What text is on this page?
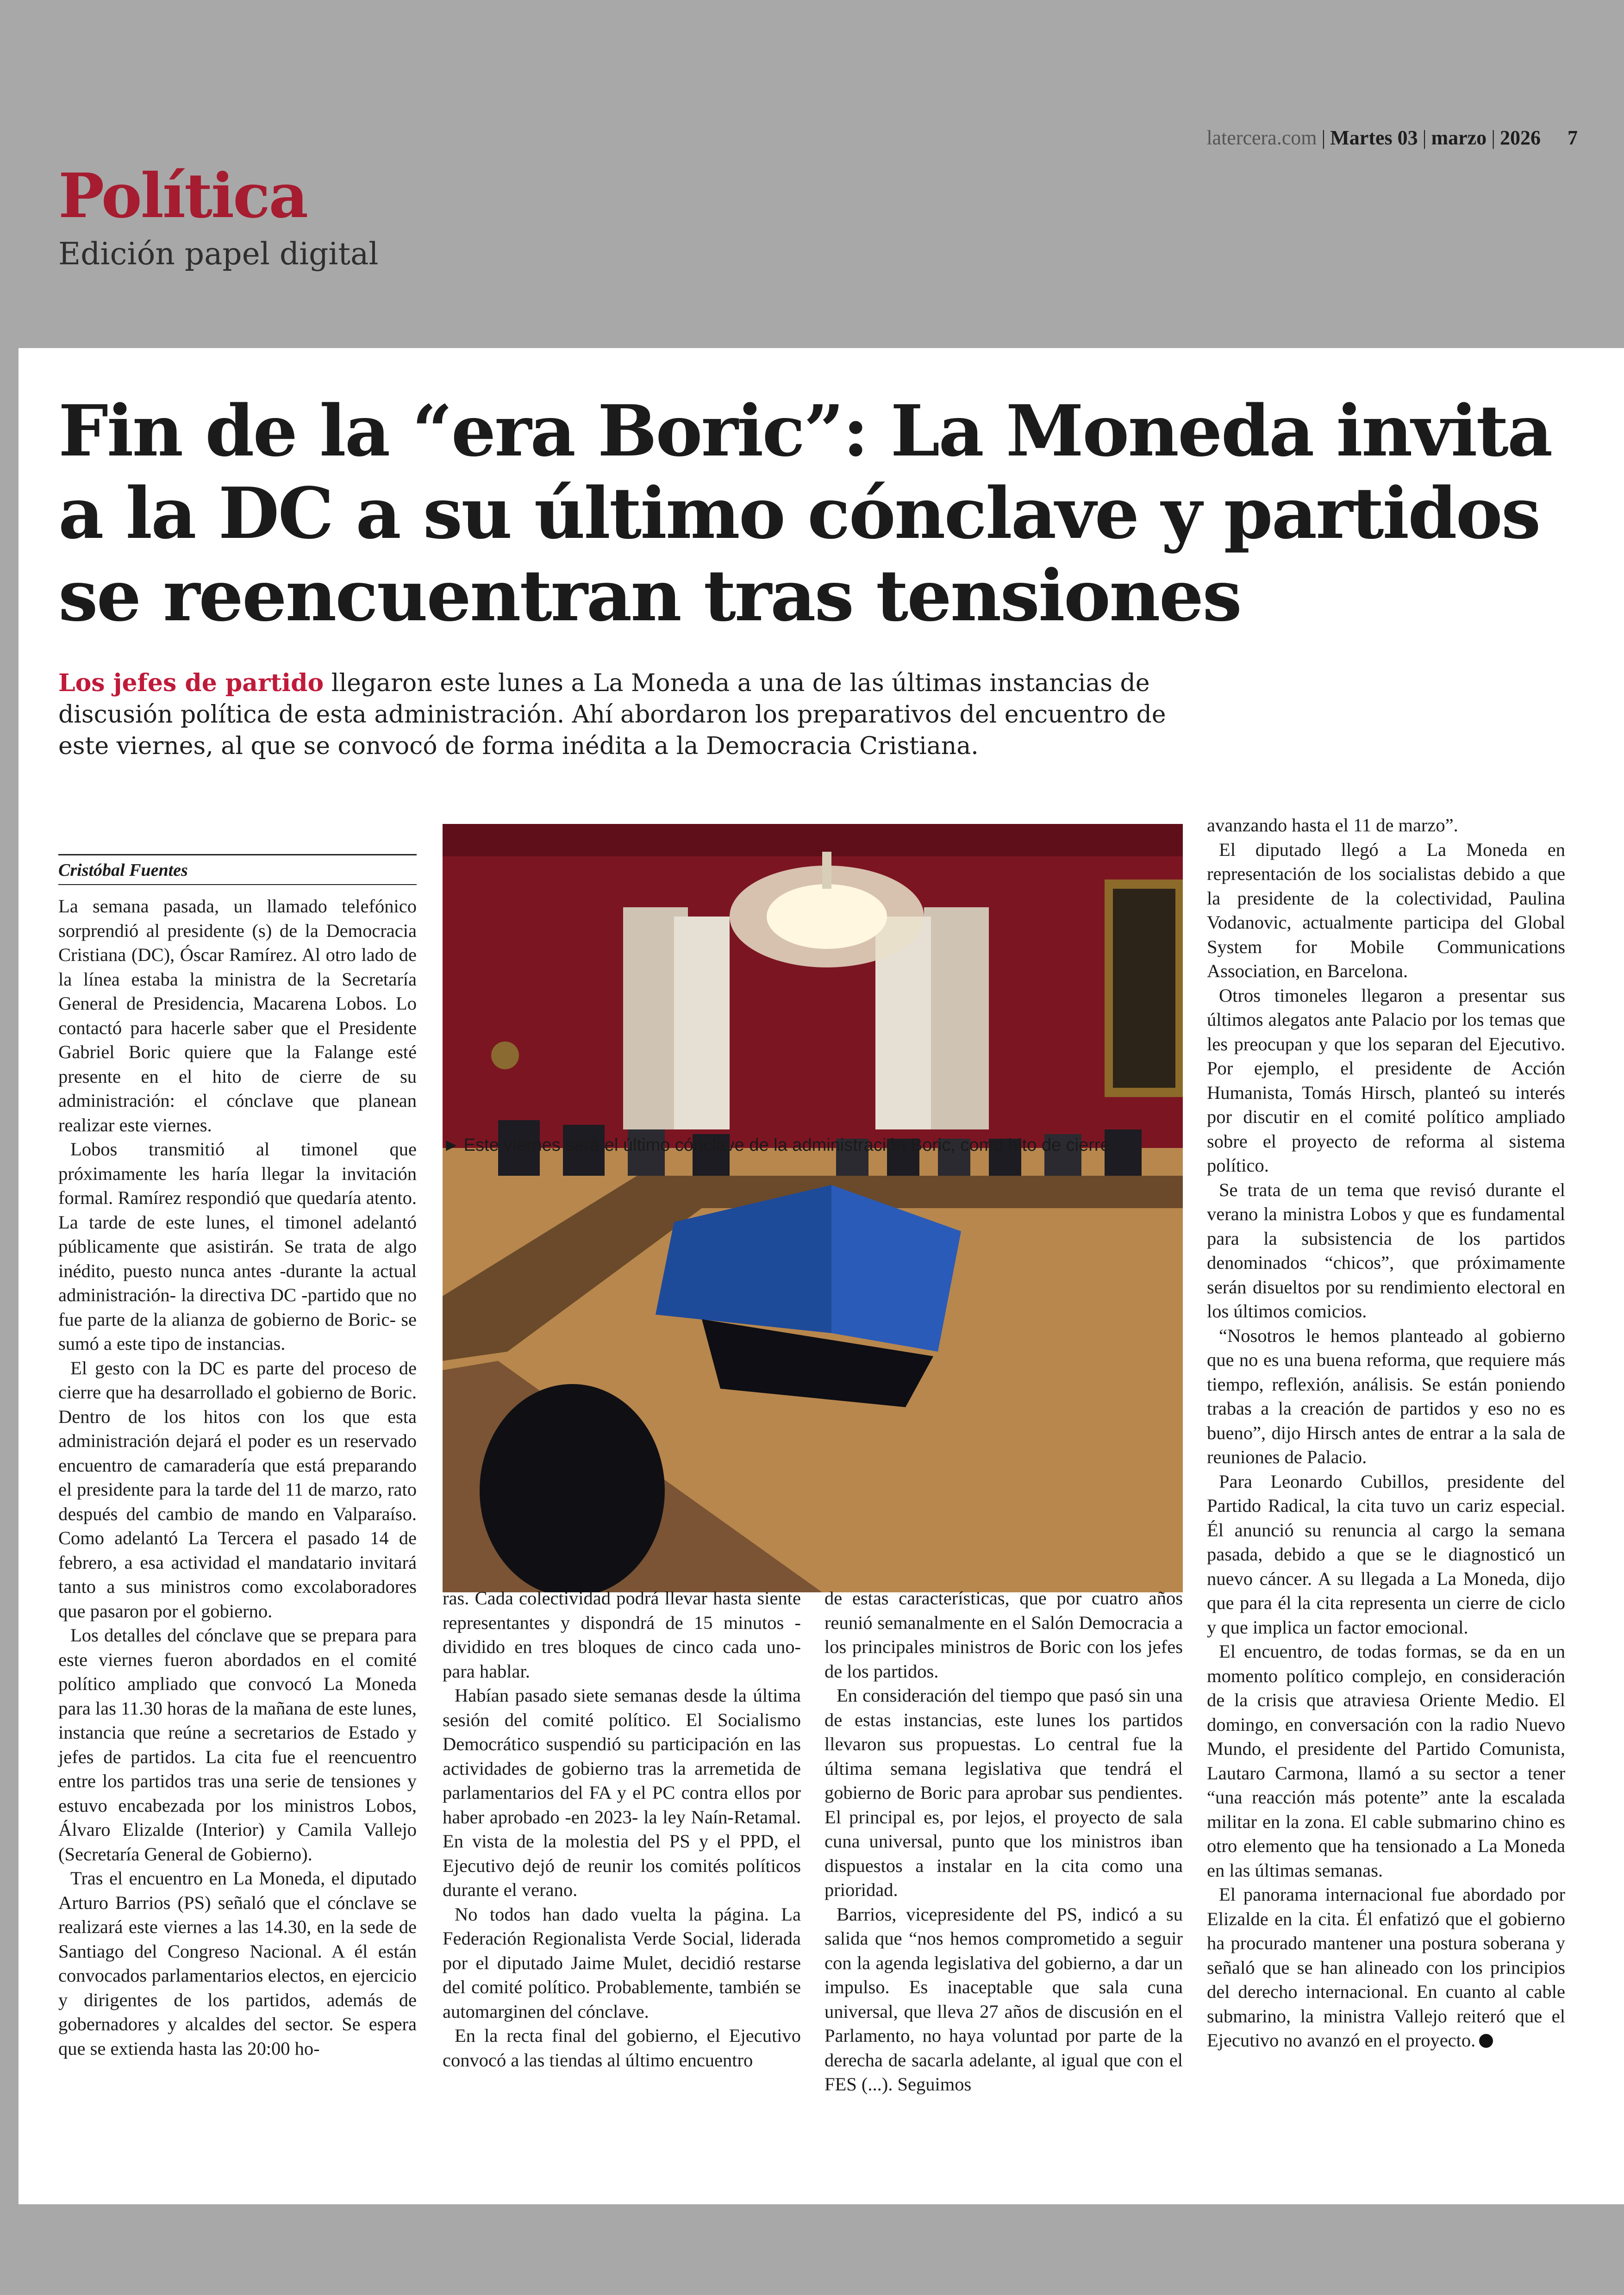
latercera.com | Martes 03 | marzo | 2026 7
Política
Edición papel digital
Fin de la “era Boric”: La Moneda invita a la DC a su último cónclave y partidos se reencuentran tras tensiones

Los jefes de partido llegaron este lunes a La Moneda a una de las últimas instancias de discusión política de esta administración. Ahí abordaron los preparativos del encuentro de este viernes, al que se convocó de forma inédita a la Democracia Cristiana.

Cristóbal Fuentes

La semana pasada, un llamado telefónico sorprendió al presidente (s) de la Democracia Cristiana (DC), Óscar Ramírez. Al otro lado de la línea estaba la ministra de la Secretaría General de Presidencia, Macarena Lobos. Lo contactó para hacerle saber que el Presidente Gabriel Boric quiere que la Falange esté presente en el hito de cierre de su administración: el cónclave que planean realizar este viernes.

Lobos transmitió al timonel que próximamente les haría llegar la invitación formal. Ramírez respondió que quedaría atento. La tarde de este lunes, el timonel adelantó públicamente que asistirán. Se trata de algo inédito, puesto nunca antes -durante la actual administración- la directiva DC -partido que no fue parte de la alianza de gobierno de Boric- se sumó a este tipo de instancias.

El gesto con la DC es parte del proceso de cierre que ha desarrollado el gobierno de Boric. Dentro de los hitos con los que esta administración dejará el poder es un reservado encuentro de camaradería que está preparando el presidente para la tarde del 11 de marzo, rato después del cambio de mando en Valparaíso. Como adelantó La Tercera el pasado 14 de febrero, a esa actividad el mandatario invitará tanto a sus ministros como excolaboradores que pasaron por el gobierno.

Los detalles del cónclave que se prepara para este viernes fueron abordados en el comité político ampliado que convocó La Moneda para las 11.30 horas de la mañana de este lunes, instancia que reúne a secretarios de Estado y jefes de partidos. La cita fue el reencuentro entre los partidos tras una serie de tensiones y estuvo encabezada por los ministros Lobos, Álvaro Elizalde (Interior) y Camila Vallejo (Secretaría General de Gobierno).

Tras el encuentro en La Moneda, el diputado Arturo Barrios (PS) señaló que el cónclave se realizará este viernes a las 14.30, en la sede de Santiago del Congreso Nacional. A él están convocados parlamentarios electos, en ejercicio y dirigentes de los partidos, además de gobernadores y alcaldes del sector. Se espera que se extienda hasta las 20:00 ho-

► Este viernes será el último cónclave de la administración Boric, como hito de cierre.

ras. Cada colectividad podrá llevar hasta siente representantes y dispondrá de 15 minutos -dividido en tres bloques de cinco cada uno- para hablar.

Habían pasado siete semanas desde la última sesión del comité político. El Socialismo Democrático suspendió su participación en las actividades de gobierno tras la arremetida de parlamentarios del FA y el PC contra ellos por haber aprobado -en 2023- la ley Naín-Retamal. En vista de la molestia del PS y el PPD, el Ejecutivo dejó de reunir los comités políticos durante el verano.

No todos han dado vuelta la página. La Federación Regionalista Verde Social, liderada por el diputado Jaime Mulet, decidió restarse del comité político. Probablemente, también se automarginen del cónclave.

En la recta final del gobierno, el Ejecutivo convocó a las tiendas al último encuentro

de estas características, que por cuatro años reunió semanalmente en el Salón Democracia a los principales ministros de Boric con los jefes de los partidos.

En consideración del tiempo que pasó sin una de estas instancias, este lunes los partidos llevaron sus propuestas. Lo central fue la última semana legislativa que tendrá el gobierno de Boric para aprobar sus pendientes. El principal es, por lejos, el proyecto de sala cuna universal, punto que los ministros iban dispuestos a instalar en la cita como una prioridad.

Barrios, vicepresidente del PS, indicó a su salida que “nos hemos comprometido a seguir con la agenda legislativa del gobierno, a dar un impulso. Es inaceptable que sala cuna universal, que lleva 27 años de discusión en el Parlamento, no haya voluntad por parte de la derecha de sacarla adelante, al igual que con el FES (...). Seguimos

avanzando hasta el 11 de marzo”.

El diputado llegó a La Moneda en representación de los socialistas debido a que la presidente de la colectividad, Paulina Vodanovic, actualmente participa del Global System for Mobile Communications Association, en Barcelona.

Otros timoneles llegaron a presentar sus últimos alegatos ante Palacio por los temas que les preocupan y que los separan del Ejecutivo. Por ejemplo, el presidente de Acción Humanista, Tomás Hirsch, planteó su interés por discutir en el comité político ampliado sobre el proyecto de reforma al sistema político.

Se trata de un tema que revisó durante el verano la ministra Lobos y que es fundamental para la subsistencia de los partidos denominados “chicos”, que próximamente serán disueltos por su rendimiento electoral en los últimos comicios.

“Nosotros le hemos planteado al gobierno que no es una buena reforma, que requiere más tiempo, reflexión, análisis. Se están poniendo trabas a la creación de partidos y eso no es bueno”, dijo Hirsch antes de entrar a la sala de reuniones de Palacio.

Para Leonardo Cubillos, presidente del Partido Radical, la cita tuvo un cariz especial. Él anunció su renuncia al cargo la semana pasada, debido a que se le diagnosticó un nuevo cáncer. A su llegada a La Moneda, dijo que para él la cita representa un cierre de ciclo y que implica un factor emocional.

El encuentro, de todas formas, se da en un momento político complejo, en consideración de la crisis que atraviesa Oriente Medio. El domingo, en conversación con la radio Nuevo Mundo, el presidente del Partido Comunista, Lautaro Carmona, llamó a su sector a tener “una reacción más potente” ante la escalada militar en la zona. El cable submarino chino es otro elemento que ha tensionado a La Moneda en las últimas semanas.

El panorama internacional fue abordado por Elizalde en la cita. Él enfatizó que el gobierno ha procurado mantener una postura soberana y señaló que se han alineado con los principios del derecho internacional. En cuanto al cable submarino, la ministra Vallejo reiteró que el Ejecutivo no avanzó en el proyecto.
